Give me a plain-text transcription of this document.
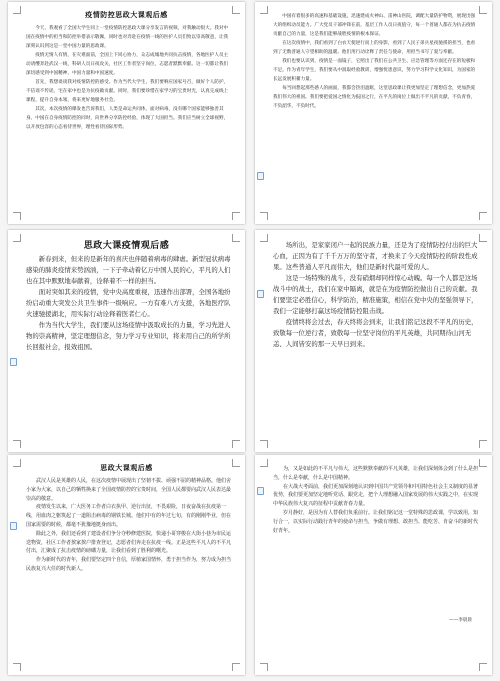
疫情防控思政大课观后感

今天，我观看了全国大学生同上一堂疫情防控思政大课分享发言的视频，对我触动很大。我对中国在疫情中的担当和防控举措表示敬佩，同时也对奔赴在疫情一线的医护人员们致以崇高敬意，让我深刻认识到这是一堂中国力量的思政课。

疫情无情人有情，在灾难面前，全国上下同心协力，众志成城地共同抗击疫情，各地医护人员主动请缨奔赴武汉一线，科研人员日夜攻关，社区工作者坚守岗位，志愿者默默奉献。这一切都让我们深切感受到中国精神、中国力量和中国速度。

首先，我想谈谈我对疫情防控的感受。作为当代大学生，我们要响应国家号召，做好个人防护，不信谣不传谣，宅在家中也是为抗疫做贡献。同时，我们要珍惜在家学习的宝贵时光，认真完成线上课程，提升自身本领，将来更好地服务社会。

其次，本次疫情的爆发也告诉我们，人类是命运共同体，面对病毒，没有哪个国家能够独善其身。中国在自身疫情防控的同时，向世界分享防控经验，体现了大国担当。我们应当树立全球视野，以开放包容的心态看待世界，理性看待国际形势。

中国有着很多的高速和基础设施，迅速建成火神山、雷神山医院，调配大量防护物资，展现出强大的组织动员能力。广大党员干部冲锋在前，基层工作人员日夜值守，每一个普通人都在为抗击疫情贡献自己的力量，这是我们能够战胜疫情的根本保证。

在这次疫情中，我们看到了白衣天使逆行而上的身影，看到了人民子弟兵星夜驰援的担当，也看到了无数普通人守望相助的温暖。他们用行动诠释了责任与使命，用担当书写了爱与奉献。

我们也要认识到，疫情是一面镜子，它照出了我们在公共卫生、应急管理等方面还存在的短板和不足。作为青年学生，我们要从中汲取经验教训，增强忧患意识，努力学习科学文化知识，为国家的长远发展积蓄力量。

每当回想起那些感人的画面，我都会热泪盈眶，这堂思政课让我更加坚定了理想信念，更加热爱我们伟大的祖国。我们要把爱国之情化为报国之行，在平凡的岗位上做出不平凡的贡献，不负青春，不负韶华，不负时代。

思政大课疫情观后感

新春到来，但来的是新年的喜庆也伴随着病毒的肆虐。新型冠状病毒感染的肺炎疫情来势汹汹，一下子牵动着亿万中国人民的心，平凡的人们也在其中默默地奉献着，诠释着不一样的担当。

面对突如其来的疫情，党中央高度重视，迅速作出部署，全国各地纷纷启动重大突发公共卫生事件一级响应。一方有难八方支援，各地医疗队火速驰援湖北，用实际行动诠释着医者仁心。

作为当代大学生，我们要从这场疫情中汲取成长的力量，学习先进人物的崇高精神，坚定理想信念，努力学习专业知识，将来用自己的所学所长回报社会，报效祖国。

场所出，是家家闭户一起的民族力量，还是为了疫情防控付出的巨大心血，正因为有了千千万万的坚守者，才换来了今天疫情防控的阶段性成果。这些普通人平凡而伟大，他们是新时代最可爱的人。

这是一场特殊的战斗，没有硝烟却同样惊心动魄。每一个人都是这场战斗中的战士，我们在家中隔离，就是在为疫情防控做出自己的贡献。我们要坚定必胜信心，科学防治，精准施策，相信在党中央的坚强领导下，我们一定能够打赢这场疫情防控阻击战。

疫情终将会过去，春天终将会到来，让我们铭记这段不平凡的历史，致敬每一位逆行者，致敬每一位坚守岗位的平凡英雄，共同期待山河无恙、人间皆安的那一天早日到来。

思政大课观后感

武汉人民是英雄的人民，在这次疫情中展现出了坚韧不拔、顽强不屈的精神品格。他们舍小家为大家，以自己的牺牲换来了全国疫情防控的宝贵时间，全国人民都要向武汉人民表达最崇高的敬意。

疫情发生以来，广大医务工作者白衣执甲、逆行出征，不畏艰险，日夜奋战在抗疫第一线，用血肉之躯筑起了一道阻击病毒的钢铁长城。他们中有的年过七旬，有的刚刚毕业，但在国家需要的时候，都毫不犹豫地挺身而出。

除此之外，我们还看到了建设者们争分夺秒修建医院，快递小哥穿梭在大街小巷为市民运送物资，社区工作者挨家挨户排查登记，志愿者们奔走在抗疫一线。正是这些平凡人的不平凡付出，汇聚成了抗击疫情的磅礴力量，让我们看到了胜利的曙光。

作为新时代的青年，我们要坚定四个自信，厚植家国情怀，勇于担当作为，努力成为担当民族复兴大任的时代新人。

为，又是如此的不平凡与伟大，这些默默奉献的平凡英雄，让我们深刻体会到了什么是担当，什么是奉献，什么是中国精神。

在大战大考面前，我们更加深刻地认识到中国共产党领导和中国特色社会主义制度的显著优势，我们要更加坚定地听党话、跟党走，把个人理想融入国家发展的伟大实践之中，在实现中华民族伟大复兴的征程中贡献青春力量。

岁月静好，是因为有人替我们负重前行。让我们铭记这一堂特殊的思政课，学以致用，知行合一，以实际行动践行青年的使命与担当，争做有理想、敢担当、能吃苦、肯奋斗的新时代好青年。

——李晨晨
